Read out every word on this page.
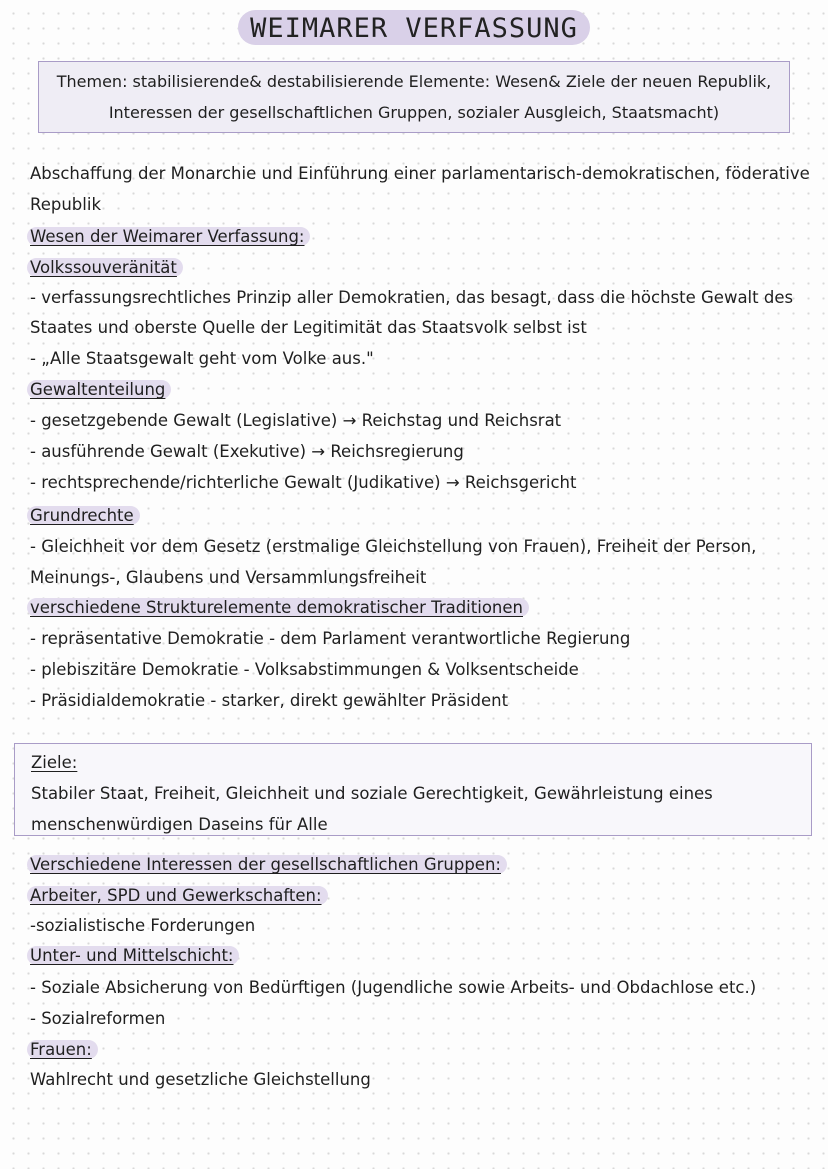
WEIMARER VERFASSUNG
Themen: stabilisierende& destabilisierende Elemente: Wesen& Ziele der neuen Republik,
Interessen der gesellschaftlichen Gruppen, sozialer Ausgleich, Staatsmacht)
Abschaffung der Monarchie und Einführung einer parlamentarisch-demokratischen, föderative
Republik
Wesen der Weimarer Verfassung:
Volkssouveränität
- verfassungsrechtliches Prinzip aller Demokratien, das besagt, dass die höchste Gewalt des
Staates und oberste Quelle der Legitimität das Staatsvolk selbst ist
- „Alle Staatsgewalt geht vom Volke aus."
Gewaltenteilung
- gesetzgebende Gewalt (Legislative) → Reichstag und Reichsrat
- ausführende Gewalt (Exekutive) → Reichsregierung
- rechtsprechende/richterliche Gewalt (Judikative) → Reichsgericht
Grundrechte
- Gleichheit vor dem Gesetz (erstmalige Gleichstellung von Frauen), Freiheit der Person,
Meinungs-, Glaubens und Versammlungsfreiheit
verschiedene Strukturelemente demokratischer Traditionen
- repräsentative Demokratie - dem Parlament verantwortliche Regierung
- plebiszitäre Demokratie - Volksabstimmungen & Volksentscheide
- Präsidialdemokratie - starker, direkt gewählter Präsident
Ziele:
Stabiler Staat, Freiheit, Gleichheit und soziale Gerechtigkeit, Gewährleistung eines
menschenwürdigen Daseins für Alle
Verschiedene Interessen der gesellschaftlichen Gruppen:
Arbeiter, SPD und Gewerkschaften:
-sozialistische Forderungen
Unter- und Mittelschicht:
- Soziale Absicherung von Bedürftigen (Jugendliche sowie Arbeits- und Obdachlose etc.)
- Sozialreformen
Frauen:
Wahlrecht und gesetzliche Gleichstellung
